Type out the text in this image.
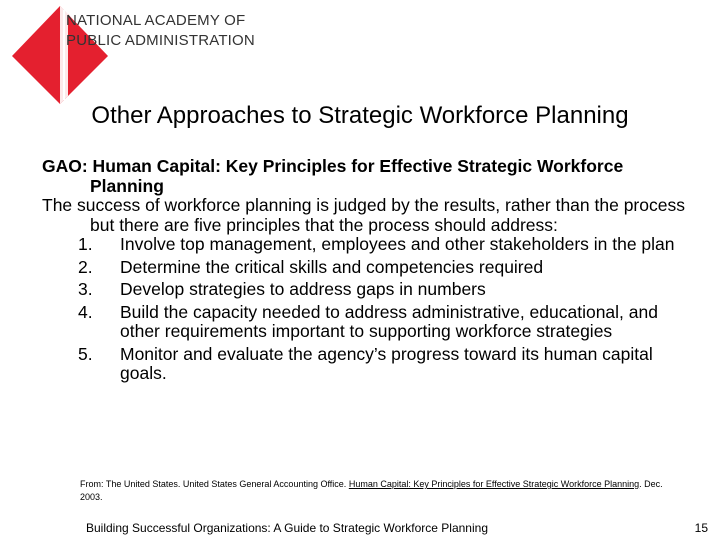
NATIONAL ACADEMY OF
PUBLIC ADMINISTRATION
Other Approaches to Strategic Workforce Planning

GAO: Human Capital: Key Principles for Effective Strategic Workforce Planning

The success of workforce planning is judged by the results, rather than the process but there are five principles that the process should address:

1. Involve top management, employees and other stakeholders in the plan
2. Determine the critical skills and competencies required
3. Develop strategies to address gaps in numbers
4. Build the capacity needed to address administrative, educational, and other requirements important to supporting workforce strategies
5. Monitor and evaluate the agency’s progress toward its human capital goals.
From: The United States. United States General Accounting Office. Human Capital: Key Principles for Effective Strategic Workforce Planning. Dec. 2003.
Building Successful Organizations: A Guide to Strategic Workforce Planning	15
